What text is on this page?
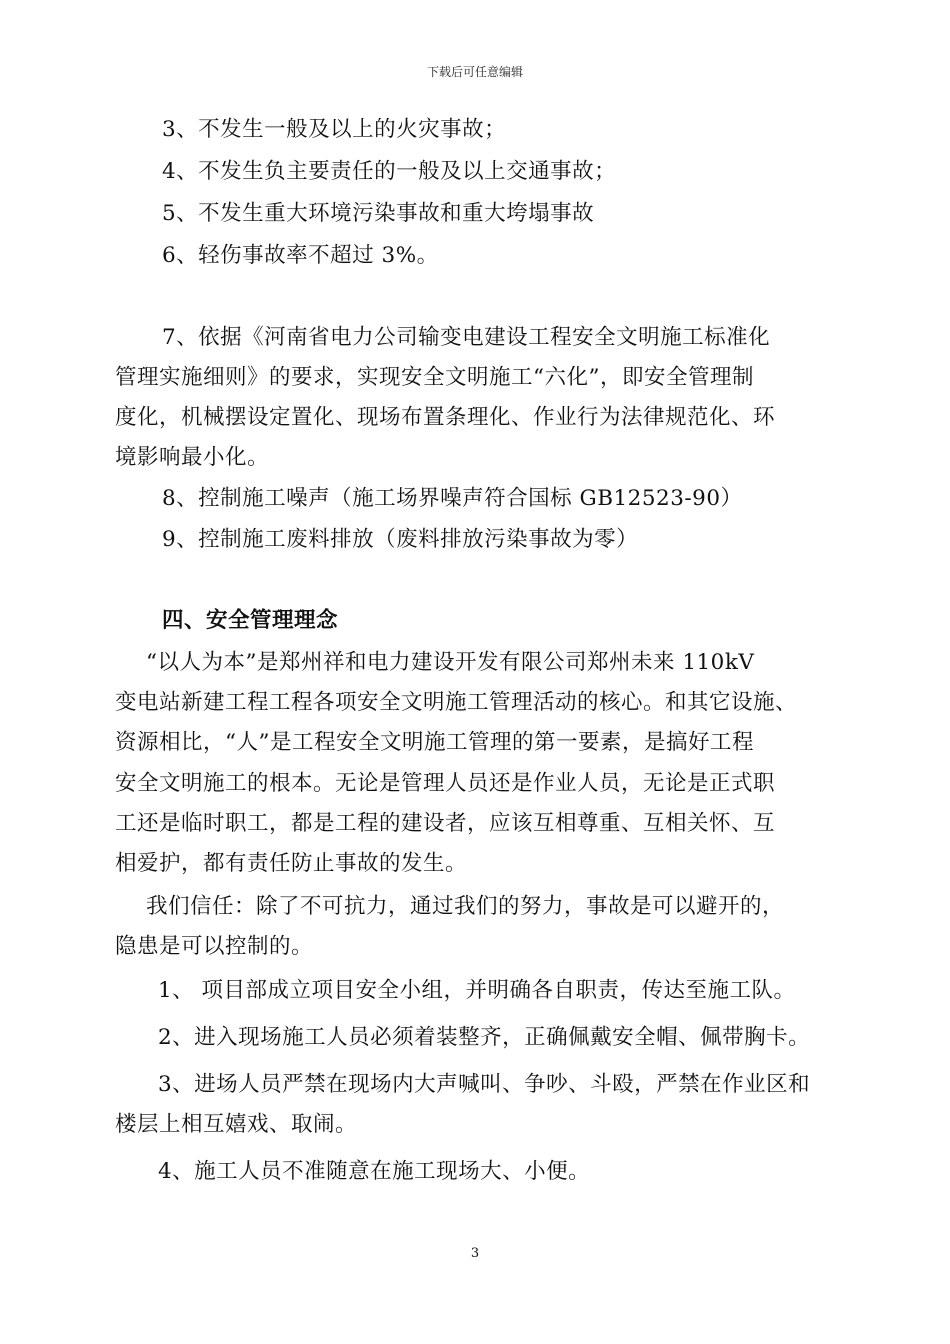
下载后可任意编辑
3、不发生一般及以上的火灾事故；
4、不发生负主要责任的一般及以上交通事故；
5、不发生重大环境污染事故和重大垮塌事故
6、轻伤事故率不超过 3%。
7、依据《河南省电力公司输变电建设工程安全文明施工标准化
管理实施细则》的要求，实现安全文明施工“六化”，即安全管理制
度化，机械摆设定置化、现场布置条理化、作业行为法律规范化、环
境影响最小化。
8、控制施工噪声（施工场界噪声符合国标 GB12523-90）
9、控制施工废料排放（废料排放污染事故为零）
四、安全管理理念
“以人为本”是郑州祥和电力建设开发有限公司郑州未来 110kV
变电站新建工程工程各项安全文明施工管理活动的核心。和其它设施、
资源相比，“人”是工程安全文明施工管理的第一要素，是搞好工程
安全文明施工的根本。无论是管理人员还是作业人员，无论是正式职
工还是临时职工，都是工程的建设者，应该互相尊重、互相关怀、互
相爱护，都有责任防止事故的发生。
我们信任：除了不可抗力，通过我们的努力，事故是可以避开的，
隐患是可以控制的。
1、 项目部成立项目安全小组，并明确各自职责，传达至施工队。
2、进入现场施工人员必须着装整齐，正确佩戴安全帽、佩带胸卡。
3、进场人员严禁在现场内大声喊叫、争吵、斗殴，严禁在作业区和
楼层上相互嬉戏、取闹。
4、施工人员不准随意在施工现场大、小便。
3
